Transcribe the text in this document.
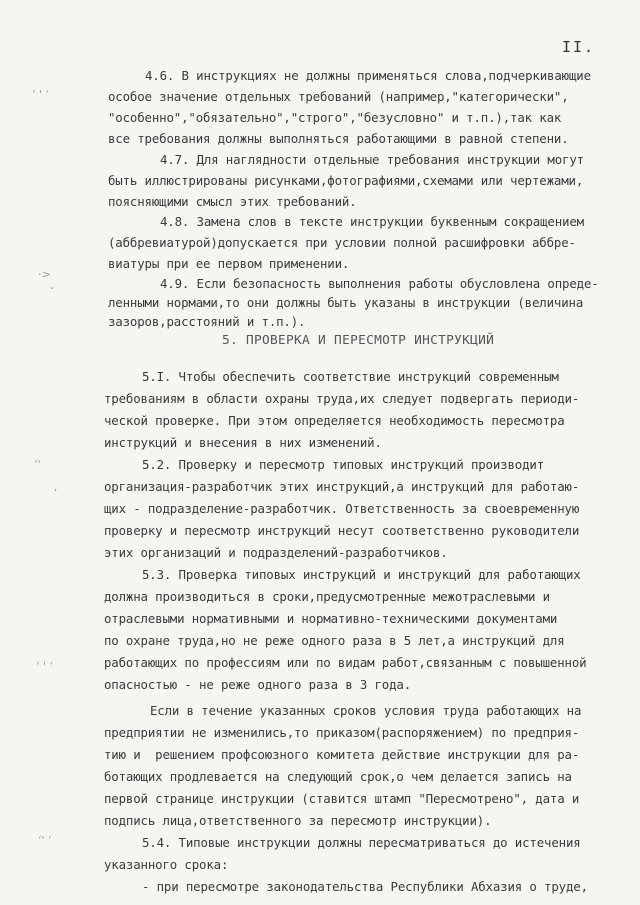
II.
4.6. В инструкциях не должны применяться слова,подчеркивающие
особое значение отдельных требований (например,"категорически",
"особенно","обязательно","строго","безусловно" и т.п.),так как
все требования должны выполняться работающими в равной степени.
4.7. Для наглядности отдельные требования инструкции могут
быть иллюстрированы рисунками,фотографиями,схемами или чертежами,
поясняющими смысл этих требований.
4.8. Замена слов в тексте инструкции буквенным сокращением
(аббревиатурой)допускается при условии полной расшифровки аббре-
виатуры при ее первом применении.
4.9. Если безопасность выполнения работы обусловлена опреде-
5. ПРОВЕРКА И ПЕРЕСМОТР ИНСТРУКЦИЙ
5.I. Чтобы обеспечить соответствие инструкций современным
требованиям в области охраны труда,их следует подвергать периоди-
ческой проверке. При этом определяется необходимость пересмотра
инструкций и внесения в них изменений.
5.2. Проверку и пересмотр типовых инструкций производит
организация-разработчик этих инструкций,а инструкций для работаю-
щих - подразделение-разработчик. Ответственность за своевременную
проверку и пересмотр инструкций несут соответственно руководители
этих организаций и подразделений-разработчиков.
5.3. Проверка типовых инструкций и инструкций для работающих
должна производиться в сроки,предусмотренные межотраслевыми и
отраслевыми нормативными и нормативно-техническими документами
по охране труда,но не реже одного раза в 5 лет,а инструкций для
работающих по профессиям или по видам работ,связанным с повышенной
опасностью - не реже одного раза в 3 года.
Если в течение указанных сроков условия труда работающих на
предприятии не изменились,то приказом(распоряжением) по предприя-
тию и  решением профсоюзного комитета действие инструкции для ра-
ботающих продлевается на следующий срок,о чем делается запись на
первой странице инструкции (ставится штамп "Пересмотрено", дата и
подпись лица,ответственного за пересмотр инструкции).
5.4. Типовые инструкции должны пересматриваться до истечения
указанного срока:
- при пересмотре законодательства Республики Абхазия о труде,
ʻ ' ʻ
·>
ˇ
ʻ'
ʹ
ʻ ' ʻ
ʻ' ʻ
ленными нормами,то они должны быть указаны в инструкции (величина
зазоров,расстояний и т.п.).
